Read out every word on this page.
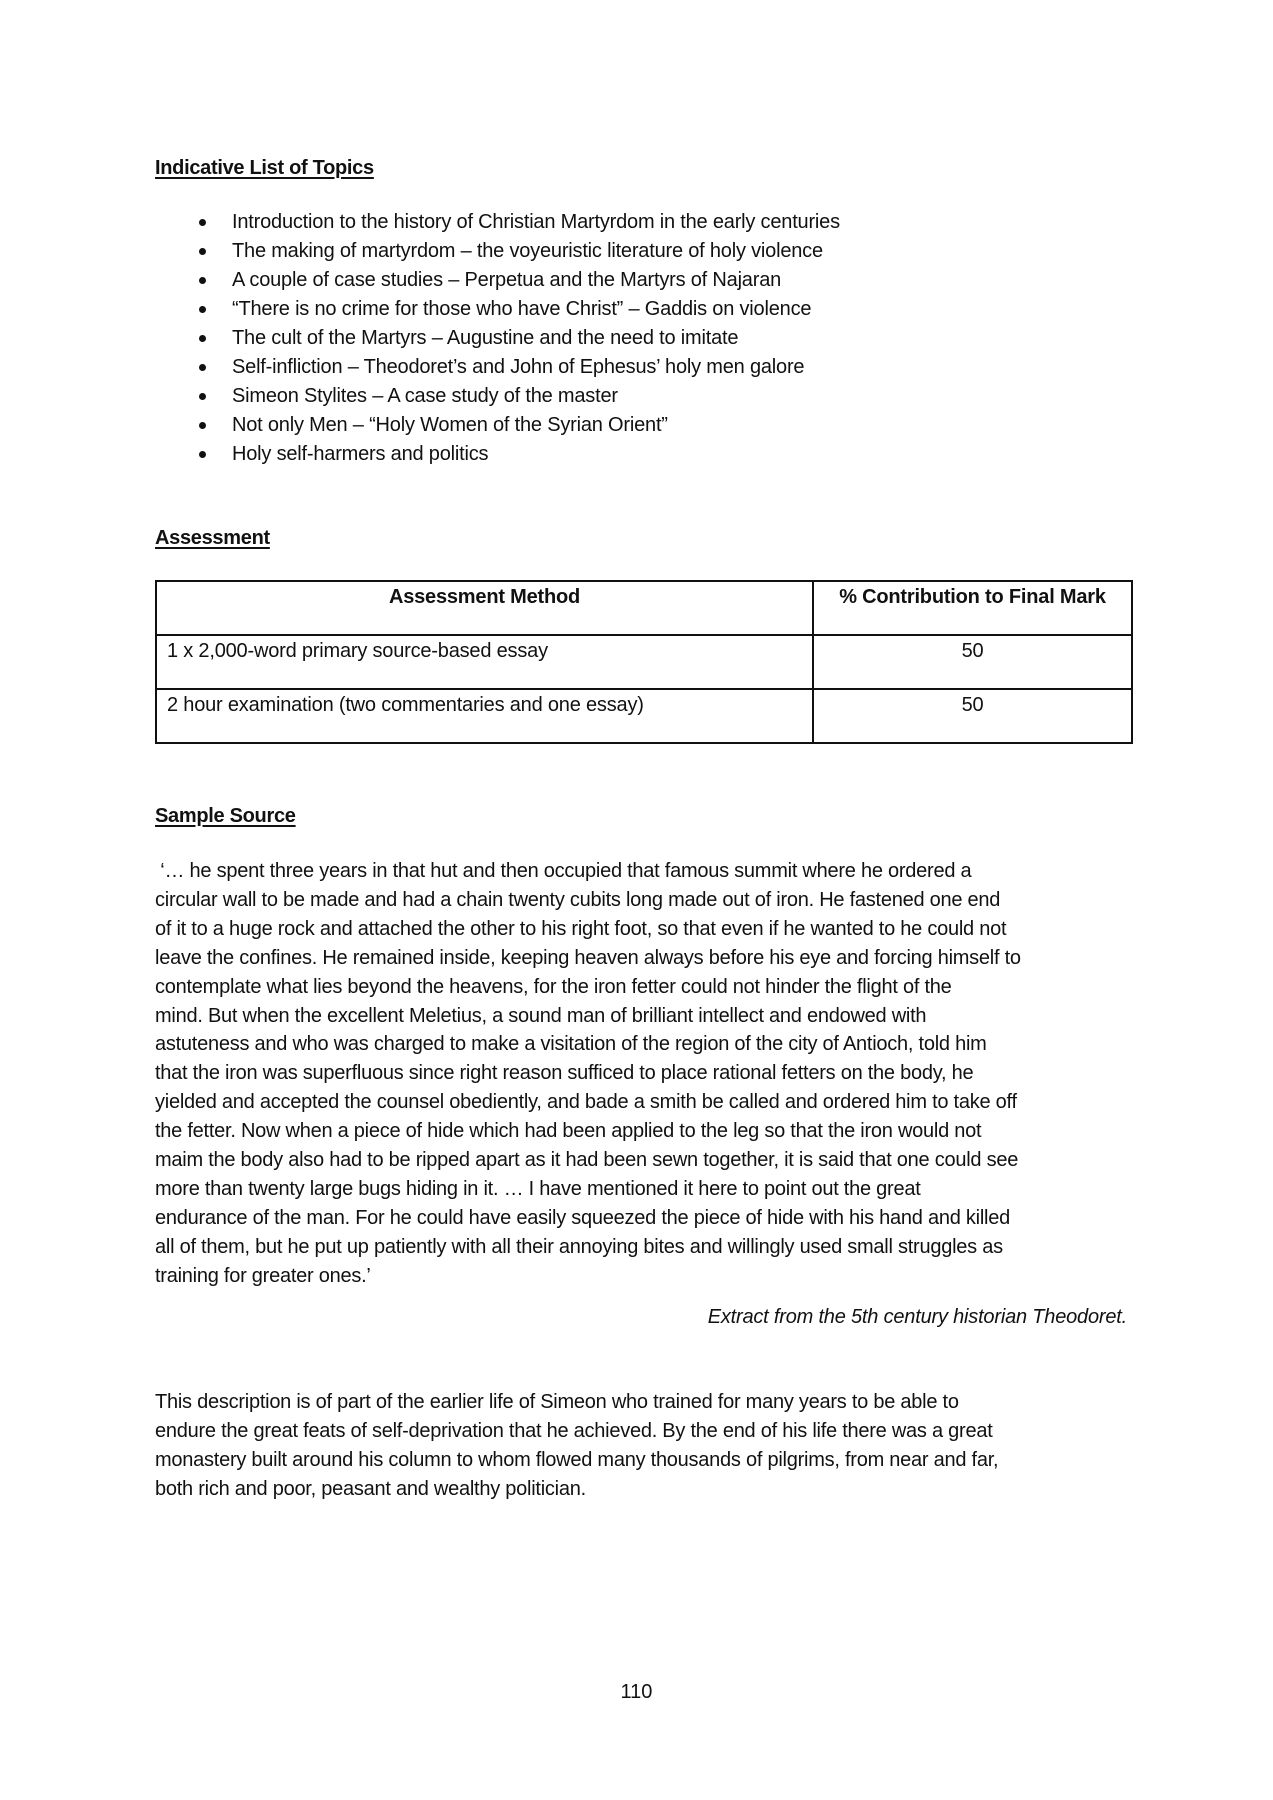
Indicative List of Topics
Introduction to the history of Christian Martyrdom in the early centuries
The making of martyrdom – the voyeuristic literature of holy violence
A couple of case studies – Perpetua and the Martyrs of Najaran
“There is no crime for those who have Christ” – Gaddis on violence
The cult of the Martyrs – Augustine and the need to imitate
Self-infliction – Theodoret’s and John of Ephesus’ holy men galore
Simeon Stylites – A case study of the master
Not only Men – “Holy Women of the Syrian Orient”
Holy self-harmers and politics
Assessment
Assessment Method	% Contribution to Final Mark
1 x 2,000-word primary source-based essay	50
2 hour examination (two commentaries and one essay)	50
Sample Source
‘… he spent three years in that hut and then occupied that famous summit where he ordered a
circular wall to be made and had a chain twenty cubits long made out of iron. He fastened one end
of it to a huge rock and attached the other to his right foot, so that even if he wanted to he could not
leave the confines. He remained inside, keeping heaven always before his eye and forcing himself to
contemplate what lies beyond the heavens, for the iron fetter could not hinder the flight of the
mind. But when the excellent Meletius, a sound man of brilliant intellect and endowed with
astuteness and who was charged to make a visitation of the region of the city of Antioch, told him
that the iron was superfluous since right reason sufficed to place rational fetters on the body, he
yielded and accepted the counsel obediently, and bade a smith be called and ordered him to take off
the fetter. Now when a piece of hide which had been applied to the leg so that the iron would not
maim the body also had to be ripped apart as it had been sewn together, it is said that one could see
more than twenty large bugs hiding in it. … I have mentioned it here to point out the great
endurance of the man. For he could have easily squeezed the piece of hide with his hand and killed
all of them, but he put up patiently with all their annoying bites and willingly used small struggles as
training for greater ones.’
Extract from the 5th century historian Theodoret.
This description is of part of the earlier life of Simeon who trained for many years to be able to
endure the great feats of self-deprivation that he achieved. By the end of his life there was a great
monastery built around his column to whom flowed many thousands of pilgrims, from near and far,
both rich and poor, peasant and wealthy politician.
110
